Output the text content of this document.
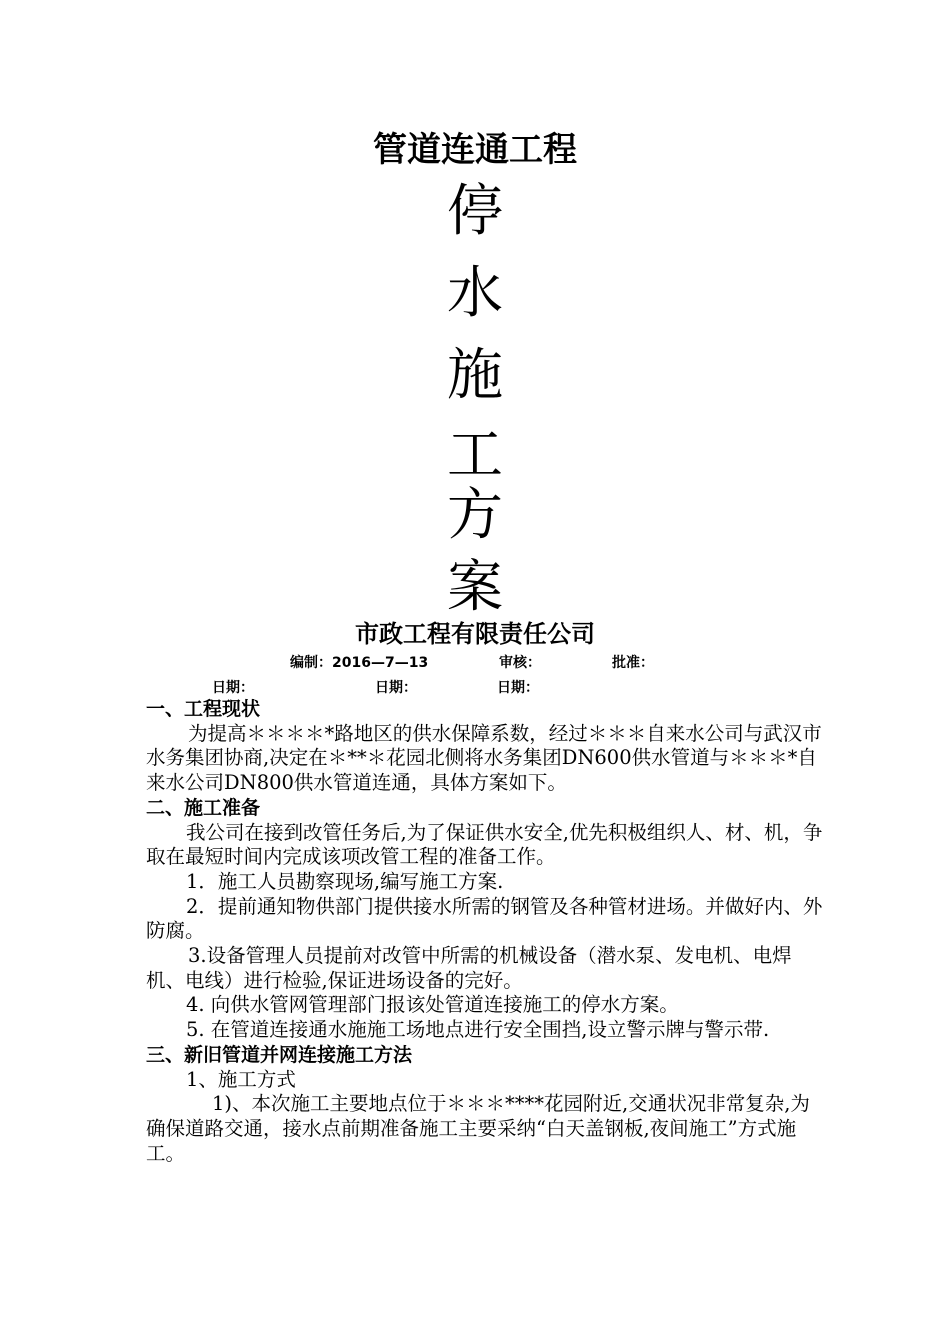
管道连通工程
停
水
施
工
方
案
市政工程有限责任公司
编制：2016—7—13	审核：	批准：
日期：	日期：	日期：

一、工程现状

为提高＊＊＊＊*路地区的供水保障系数，经过＊＊＊自来水公司与武汉市水务集团协商,决定在＊**＊花园北侧将水务集团DN600供水管道与＊＊＊*自来水公司DN800供水管道连通，具体方案如下。

二、施工准备

我公司在接到改管任务后,为了保证供水安全,优先积极组织人、材、机，争取在最短时间内完成该项改管工程的准备工作。

1．施工人员勘察现场,编写施工方案.

2．提前通知物供部门提供接水所需的钢管及各种管材进场。并做好内、外防腐。

3.设备管理人员提前对改管中所需的机械设备（潜水泵、发电机、电焊机、电线）进行检验,保证进场设备的完好。

4. 向供水管网管理部门报该处管道连接施工的停水方案。

5. 在管道连接通水施施工场地点进行安全围挡,设立警示牌与警示带.

三、新旧管道并网连接施工方法

1、施工方式

1)、本次施工主要地点位于＊＊＊****花园附近,交通状况非常复杂,为确保道路交通，接水点前期准备施工主要采纳“白天盖钢板,夜间施工”方式施工。
